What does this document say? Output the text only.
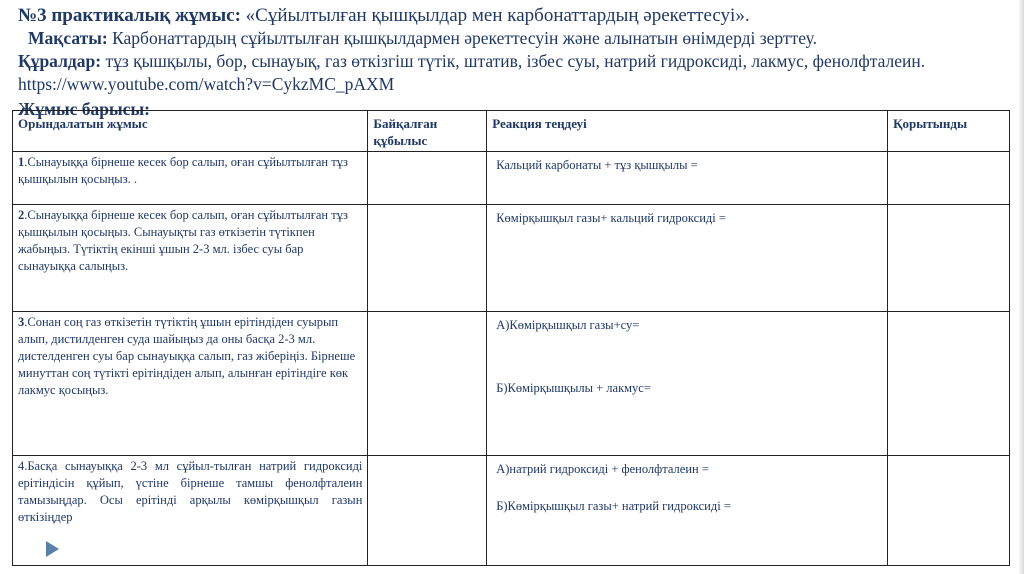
№3 практикалық жұмыс: «Сұйылтылған қышқылдар мен карбонаттардың әрекеттесуі».

Мақсаты: Карбонаттардың сұйылтылған қышқылдармен әрекеттесуін және алынатын өнімдерді зерттеу.

Құралдар: тұз қышқылы, бор, сынауық, газ өткізгіш түтік, штатив, ізбес суы, натрий гидроксиді, лакмус, фенолфталеин. https://www.youtube.com/watch?v=CykzMC_pAXM

Жұмыс барысы:
Орындалатын жұмыс	Байқалған құбылыс	Реакция теңдеуі	Қорытынды
1.Сынауыққа бірнеше кесек бор салып, оған сұйылтылған тұз қышқылын қосыңыз. .		Кальций карбонаты + тұз қышқылы =	

2.Сынауыққа бірнеше кесек бор салып, оған сұйылтылған тұз қышқылын қосыңыз. Сынауықты газ өткізетін түтікпен жабыңыз. Түтіктің екінші ұшын 2-3 мл. ізбес суы бар сынауыққа салыңыз.		Көмірқышқыл газы+ кальций гидроксиді =	

3.Сонан соң газ өткізетін түтіктің ұшын ерітіндіден суырып алып, дистилденген суда шайыңыз да оны басқа 2-3 мл. дистелденген суы бар сынауыққа салып, газ жіберіңіз. Бірнеше минуттан соң түтікті ерітіндіден алып, алынған ерітіндіге көк лакмус қосыңыз.		А)Көмірқышқыл газы+су=
Б)Көмірқышқылы + лакмус=	

4.Басқа сынауыққа 2-3 мл сұйыл-тылған натрий гидроксиді ерітіндісін құйып, үстіне бірнеше тамшы фенолфталеин тамызыңдар. Осы ерітінді арқылы көмірқышқыл газын өткізіңдер		А)натрий гидроксиді + фенолфталеин =
Б)Көмірқышқыл газы+ натрий гидроксиді =	
